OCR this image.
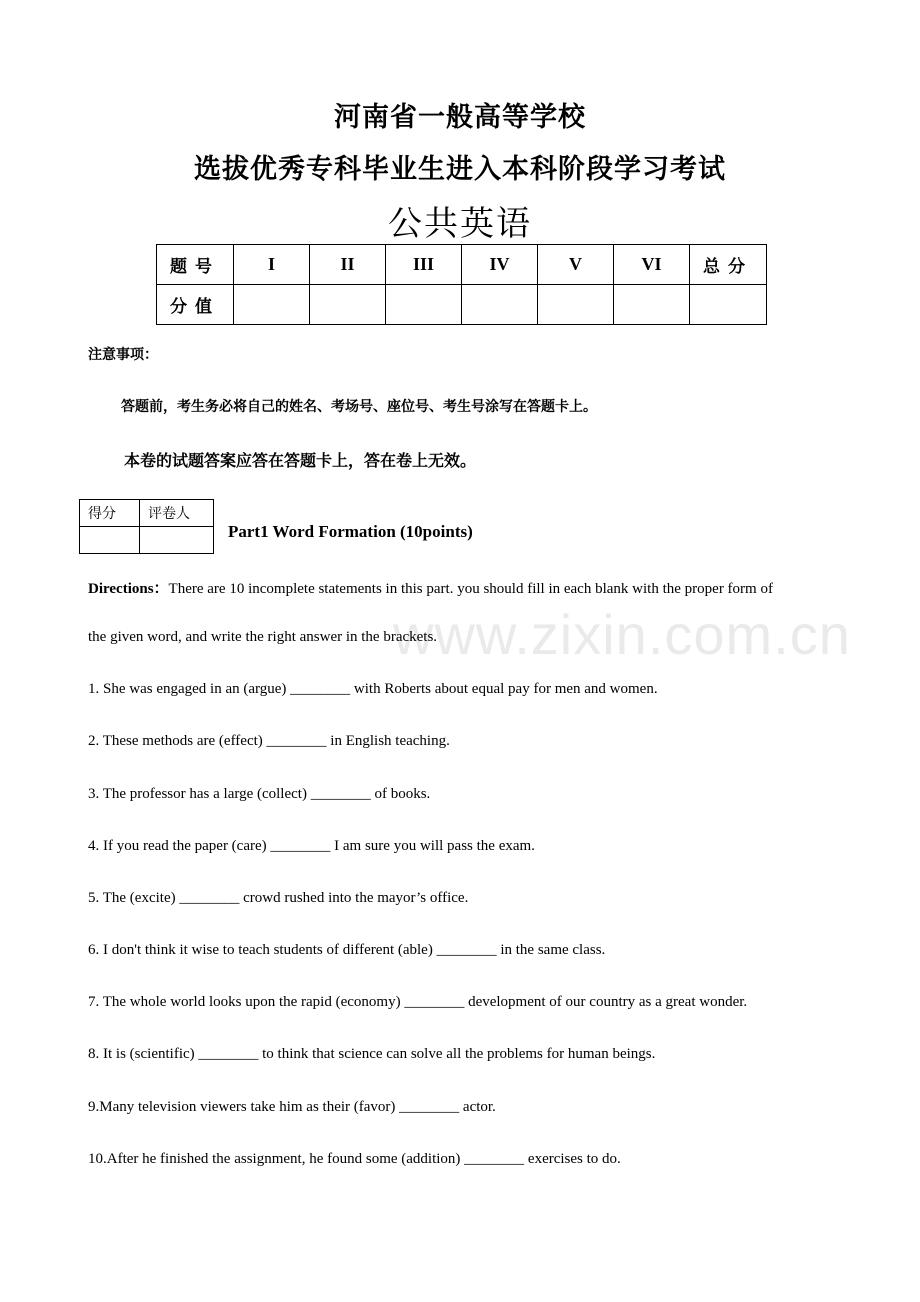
河南省一般高等学校
选拔优秀专科毕业生进入本科阶段学习考试
公共英语
题号	I	II	III	IV	V	VI	总分
分值							
注意事项：
答题前，考生务必将自己的姓名、考场号、座位号、考生号涂写在答题卡上。
本卷的试题答案应答在答题卡上，答在卷上无效。
得分	评卷人

Part1 Word Formation (10points)
www.zixin.com.cn
Directions：There are 10 incomplete statements in this part. you should fill in each blank with the proper form of
the given word, and write the right answer in the brackets.
1. She was engaged in an (argue) ________ with Roberts about equal pay for men and women.
2. These methods are (effect) ________ in English teaching.
3. The professor has a large (collect) ________ of books.
4. If you read the paper (care) ________ I am sure you will pass the exam.
5. The (excite) ________ crowd rushed into the mayor’s office.
6. I don't think it wise to teach students of different (able) ________ in the same class.
7. The whole world looks upon the rapid (economy) ________ development of our country as a great wonder.
8. It is (scientific) ________ to think that science can solve all the problems for human beings.
9.Many television viewers take him as their (favor) ________ actor.
10.After he finished the assignment, he found some (addition) ________ exercises to do.
